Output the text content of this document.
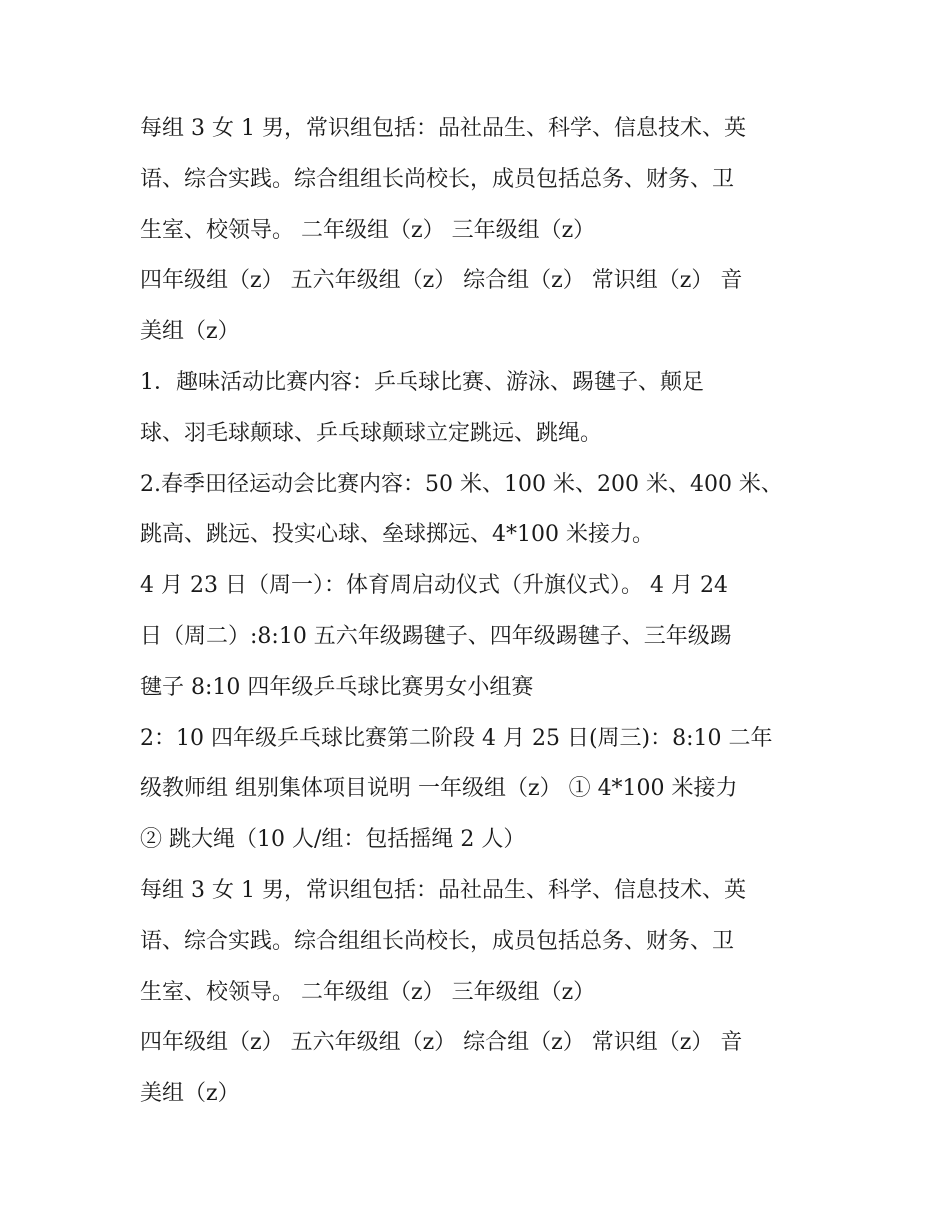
每组 3 女 1 男，常识组包括：品社品生、科学、信息技术、英
语、综合实践。综合组组长尚校长，成员包括总务、财务、卫
生室、校领导。 二年级组（z） 三年级组（z）
四年级组（z） 五六年级组（z） 综合组（z） 常识组（z） 音
美组（z）
1．趣味活动比赛内容：乒乓球比赛、游泳、踢毽子、颠足
球、羽毛球颠球、乒乓球颠球立定跳远、跳绳。
2.春季田径运动会比赛内容：50 米、100 米、200 米、400 米、
跳高、跳远、投实心球、垒球掷远、4*100 米接力。
4 月 23 日（周一）：体育周启动仪式（升旗仪式）。 4 月 24
日（周二）:8:10 五六年级踢毽子、四年级踢毽子、三年级踢
毽子 8:10 四年级乒乓球比赛男女小组赛
2：10 四年级乒乓球比赛第二阶段 4 月 25 日(周三)：8:10 二年
级教师组 组别集体项目说明 一年级组（z） ① 4*100 米接力
② 跳大绳（10 人/组：包括摇绳 2 人）
每组 3 女 1 男，常识组包括：品社品生、科学、信息技术、英
语、综合实践。综合组组长尚校长，成员包括总务、财务、卫
生室、校领导。 二年级组（z） 三年级组（z）
四年级组（z） 五六年级组（z） 综合组（z） 常识组（z） 音
美组（z）
